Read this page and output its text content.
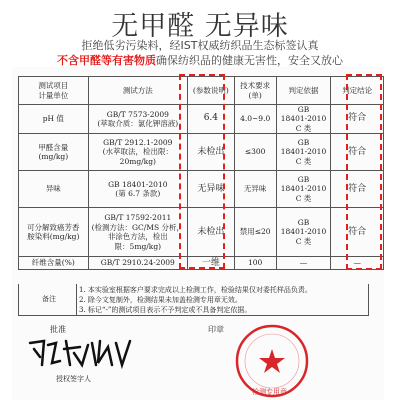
无甲醛 无异味
拒绝低劣污染料，经IST权威纺织品生态标签认真
不含甲醛等有害物质确保纺织品的健康无害性，安全又放心
测试项目
计量单位	测试方法	(参数说明)	技术要求
(单)	判定依据	判定结论
pH 值	GB/T 7573-2009
(萃取介质：氯化钾溶液)	6.4	4.0~9.0	GB
18401-2010
C 类	符合
甲醛含量
(mg/kg)	GB/T 2912.1-2009
(水萃取法，检出限：
20mg/kg)	未检出	≤300	GB
18401-2010
C 类	符合
异味	GB 18401-2010
(第 6.7 条款)	无异味	无异味	GB
18401-2010
C 类	符合
可分解致癌芳香
胺染料(mg/kg)	GB/T 17592-2011
(检测方法：GC/MS 分析，
非涂色方法，检出
限：5mg/kg)	未检出	禁用≤20	GB
18401-2010
C 类	符合
纤维含量(%)	GB/T 2910.24-2009	一维	100	—	—
备注
1. 本实验室根据客户要求完成以上检测工作，检验结果仅对委托样品负责。
2. 除今文复制外，检测结果未加盖检测专用章无效。
3. 标记“-”的测试项目表示不予判定或不具备判定依据。
批准
授权签字人
印章
检测专用章
